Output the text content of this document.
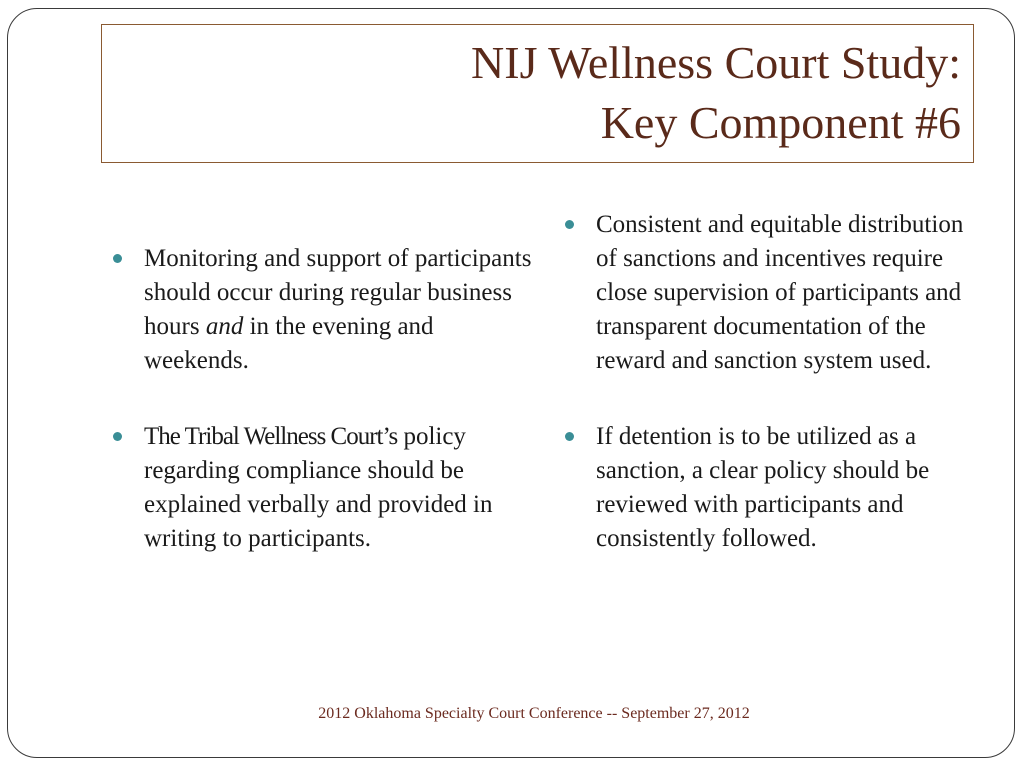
NIJ Wellness Court Study:
Key Component #6

Monitoring and support of participants should occur during regular business hours and in the evening and weekends.

The Tribal Wellness Court’s policy regarding compliance should be explained verbally and provided in writing to participants.

Consistent and equitable distribution of sanctions and incentives require close supervision of participants and transparent documentation of the reward and sanction system used.

If detention is to be utilized as a sanction, a clear policy should be reviewed with participants and consistently followed.

2012 Oklahoma Specialty Court Conference -- September 27, 2012
